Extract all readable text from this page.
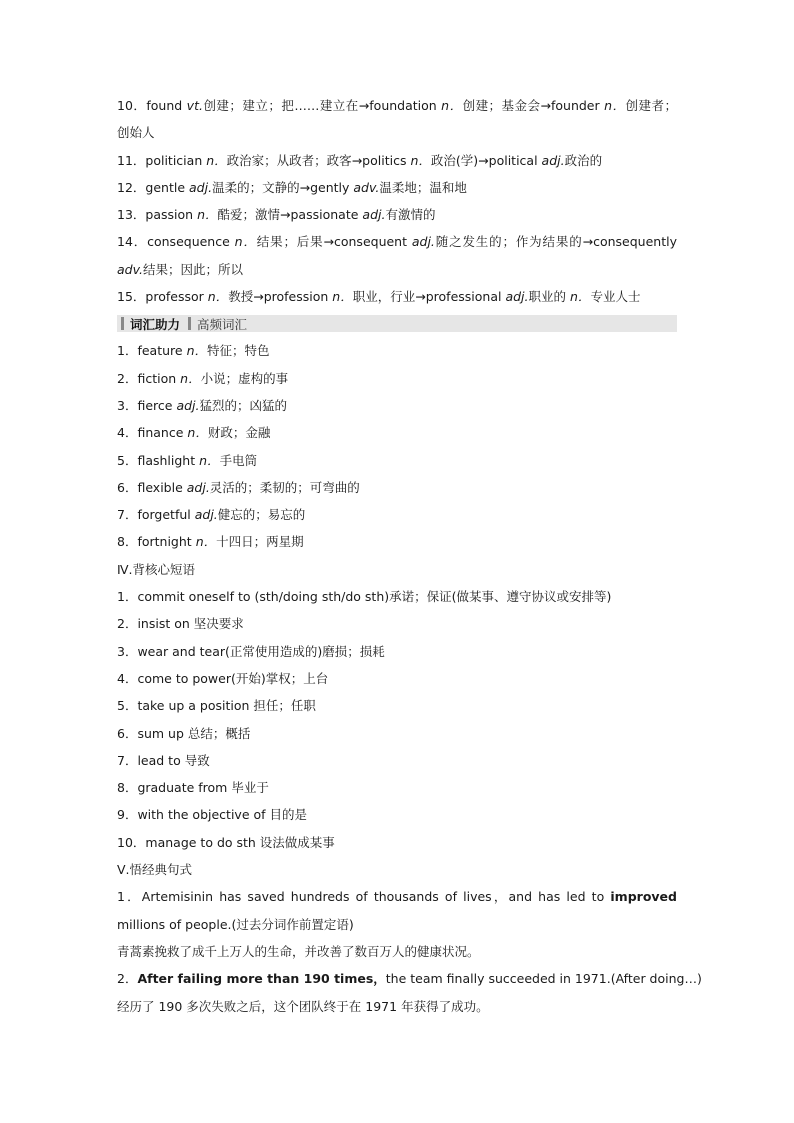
10．found vt.创建；建立；把……建立在→foundation n．创建；基金会→founder n．创建者；
创始人
11．politician n．政治家；从政者；政客→politics n．政治(学)→political adj.政治的
12．gentle adj.温柔的；文静的→gently adv.温柔地；温和地
13．passion n．酷爱；激情→passionate adj.有激情的
14．consequence n．结果；后果→consequent adj.随之发生的；作为结果的→consequently
adv.结果；因此；所以
15．professor n．教授→profession n．职业，行业→professional adj.职业的 n．专业人士
词汇助力 高频词汇
1．feature n．特征；特色
2．fiction n．小说；虚构的事
3．fierce adj.猛烈的；凶猛的
4．finance n．财政；金融
5．flashlight n．手电筒
6．flexible adj.灵活的；柔韧的；可弯曲的
7．forgetful adj.健忘的；易忘的
8．fortnight n．十四日；两星期
Ⅳ.背核心短语
1．commit oneself to (sth/doing sth/do sth)承诺；保证(做某事、遵守协议或安排等)
2．insist on 坚决要求
3．wear and tear(正常使用造成的)磨损；损耗
4．come to power(开始)掌权；上台
5．take up a position 担任；任职
6．sum up 总结；概括
7．lead to 导致
8．graduate from 毕业于
9．with the objective of 目的是
10．manage to do sth 设法做成某事
Ⅴ.悟经典句式
1．Artemisinin has saved hundreds of thousands of lives，and has led to improved
millions of people.(过去分词作前置定语)
青蒿素挽救了成千上万人的生命，并改善了数百万人的健康状况。
2．After failing more than 190 times，the team finally succeeded in 1971.(After doing…)
经历了 190 多次失败之后，这个团队终于在 1971 年获得了成功。
